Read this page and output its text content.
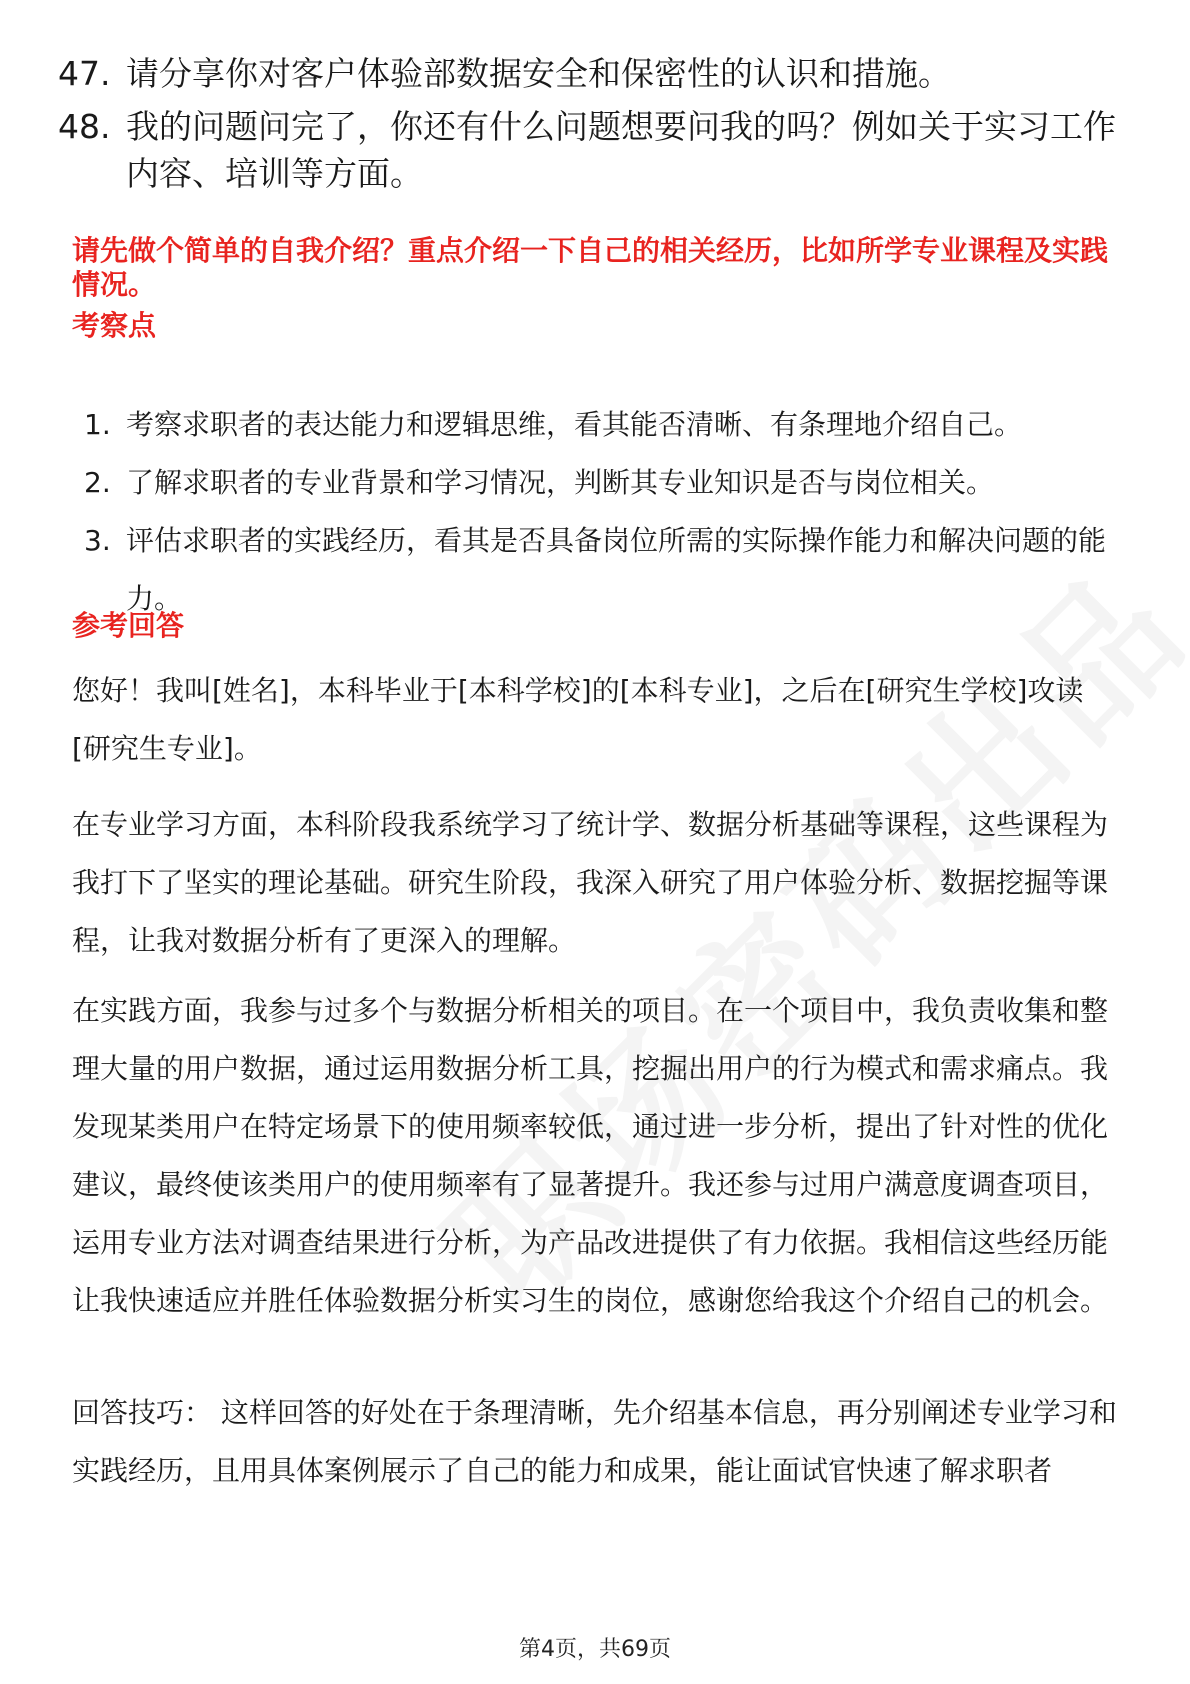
47. 请分享你对客户体验部数据安全和保密性的认识和措施。
48. 我的问题问完了，你还有什么问题想要问我的吗？例如关于实习工作内容、培训等方面。
请先做个简单的自我介绍？重点介绍一下自己的相关经历，比如所学专业课程及实践情况。
考察点
1. 考察求职者的表达能力和逻辑思维，看其能否清晰、有条理地介绍自己。
2. 了解求职者的专业背景和学习情况，判断其专业知识是否与岗位相关。
3. 评估求职者的实践经历，看其是否具备岗位所需的实际操作能力和解决问题的能力。
参考回答
您好！我叫[姓名]，本科毕业于[本科学校]的[本科专业]，之后在[研究生学校]攻读[研究生专业]。
在专业学习方面，本科阶段我系统学习了统计学、数据分析基础等课程，这些课程为我打下了坚实的理论基础。研究生阶段，我深入研究了用户体验分析、数据挖掘等课程，让我对数据分析有了更深入的理解。
在实践方面，我参与过多个与数据分析相关的项目。在一个项目中，我负责收集和整理大量的用户数据，通过运用数据分析工具，挖掘出用户的行为模式和需求痛点。我发现某类用户在特定场景下的使用频率较低，通过进一步分析，提出了针对性的优化建议，最终使该类用户的使用频率有了显著提升。我还参与过用户满意度调查项目，运用专业方法对调查结果进行分析，为产品改进提供了有力依据。我相信这些经历能让我快速适应并胜任体验数据分析实习生的岗位，感谢您给我这个介绍自己的机会。
回答技巧： 这样回答的好处在于条理清晰，先介绍基本信息，再分别阐述专业学习和实践经历，且用具体案例展示了自己的能力和成果，能让面试官快速了解求职者
第4页，共69页
